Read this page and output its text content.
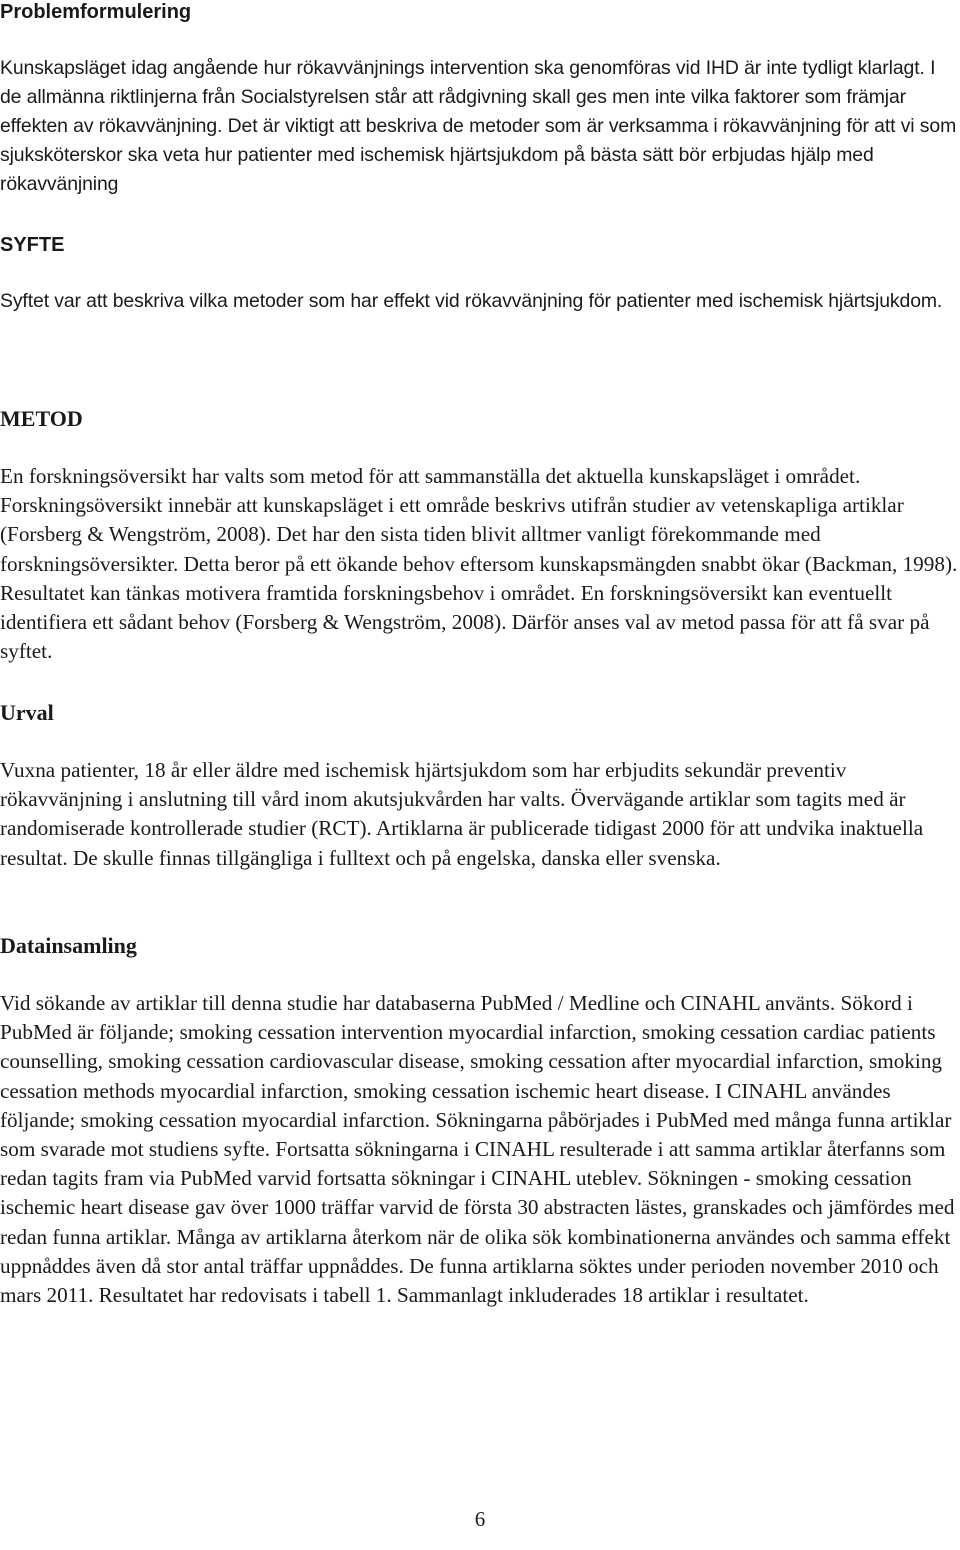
Problemformulering

Kunskapsläget idag angående hur rökavvänjnings intervention ska genomföras vid IHD är inte tydligt klarlagt. I de allmänna riktlinjerna från Socialstyrelsen står att rådgivning skall ges men inte vilka faktorer som främjar effekten av rökavvänjning. Det är viktigt att beskriva de metoder som är verksamma i rökavvänjning för att vi som sjuksköterskor ska veta hur patienter med ischemisk hjärtsjukdom på bästa sätt bör erbjudas hjälp med rökavvänjning

SYFTE

Syftet var att beskriva vilka metoder som har effekt vid rökavvänjning för patienter med ischemisk hjärtsjukdom.

METOD

En forskningsöversikt har valts som metod för att sammanställa det aktuella kunskapsläget i området. Forskningsöversikt innebär att kunskapsläget i ett område beskrivs utifrån studier av vetenskapliga artiklar (Forsberg & Wengström, 2008). Det har den sista tiden blivit alltmer vanligt förekommande med forskningsöversikter. Detta beror på ett ökande behov eftersom kunskapsmängden snabbt ökar (Backman, 1998). Resultatet kan tänkas motivera framtida forskningsbehov i området. En forskningsöversikt kan eventuellt identifiera ett sådant behov (Forsberg & Wengström, 2008). Därför anses val av metod passa för att få svar på syftet.

Urval

Vuxna patienter, 18 år eller äldre med ischemisk hjärtsjukdom som har erbjudits sekundär preventiv rökavvänjning i anslutning till vård inom akutsjukvården har valts. Övervägande artiklar som tagits med är randomiserade kontrollerade studier (RCT). Artiklarna är publicerade tidigast 2000 för att undvika inaktuella resultat. De skulle finnas tillgängliga i fulltext och på engelska, danska eller svenska.

Datainsamling

Vid sökande av artiklar till denna studie har databaserna PubMed / Medline och CINAHL använts. Sökord i PubMed är följande; smoking cessation intervention myocardial infarction, smoking cessation cardiac patients counselling, smoking cessation cardiovascular disease, smoking cessation after myocardial infarction, smoking cessation methods myocardial infarction, smoking cessation ischemic heart disease. I CINAHL användes följande; smoking cessation myocardial infarction. Sökningarna påbörjades i PubMed med många funna artiklar som svarade mot studiens syfte. Fortsatta sökningarna i CINAHL resulterade i att samma artiklar återfanns som redan tagits fram via PubMed varvid fortsatta sökningar i CINAHL uteblev. Sökningen - smoking cessation ischemic heart disease gav över 1000 träffar varvid de första 30 abstracten lästes, granskades och jämfördes med redan funna artiklar. Många av artiklarna återkom när de olika sök kombinationerna användes och samma effekt uppnåddes även då stor antal träffar uppnåddes. De funna artiklarna söktes under perioden november 2010 och mars 2011. Resultatet har redovisats i tabell 1. Sammanlagt inkluderades 18 artiklar i resultatet.

6
